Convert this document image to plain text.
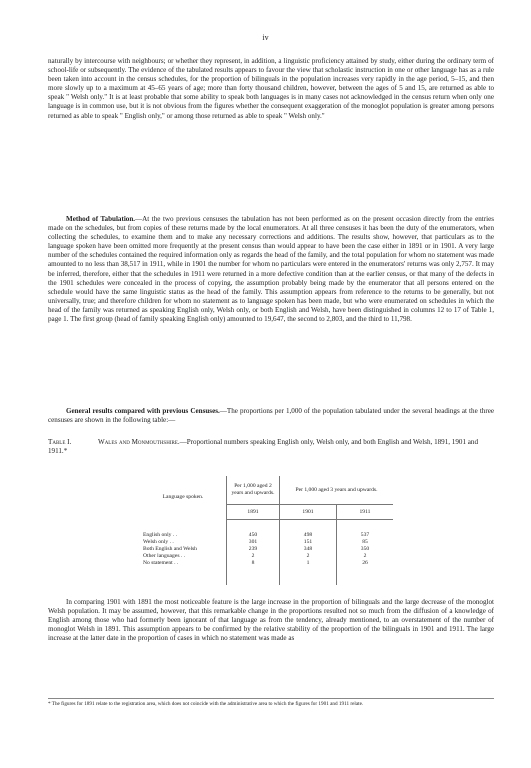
iv
naturally by intercourse with neighbours; or whether they represent, in addition, a linguistic proficiency attained by study, either during the ordinary term of school-life or subsequently. The evidence of the tabulated results appears to favour the view that scholastic instruction in one or other language has as a rule been taken into account in the census schedules, for the proportion of bilinguals in the population increases very rapidly in the age period, 5–15, and then more slowly up to a maximum at 45–65 years of age; more than forty thousand children, however, between the ages of 5 and 15, are returned as able to speak " Welsh only." It is at least probable that some ability to speak both languages is in many cases not acknowledged in the census return when only one language is in common use, but it is not obvious from the figures whether the consequent exaggeration of the monoglot population is greater among persons returned as able to speak " English only," or among those returned as able to speak " Welsh only."
Method of Tabulation.—At the two previous censuses the tabulation has not been performed as on the present occasion directly from the entries made on the schedules, but from copies of these returns made by the local enumerators. At all three censuses it has been the duty of the enumerators, when collecting the schedules, to examine them and to make any necessary corrections and additions. The results show, however, that particulars as to the language spoken have been omitted more frequently at the present census than would appear to have been the case either in 1891 or in 1901. A very large number of the schedules contained the required information only as regards the head of the family, and the total population for whom no statement was made amounted to no less than 38,517 in 1911, while in 1901 the number for whom no particulars were entered in the enumerators' returns was only 2,757. It may be inferred, therefore, either that the schedules in 1911 were returned in a more defective condition than at the earlier census, or that many of the defects in the 1901 schedules were concealed in the process of copying, the assumption probably being made by the enumerator that all persons entered on the schedule would have the same linguistic status as the head of the family. This assumption appears from reference to the returns to be generally, but not universally, true; and therefore children for whom no statement as to language spoken has been made, but who were enumerated on schedules in which the head of the family was returned as speaking English only, Welsh only, or both English and Welsh, have been distinguished in columns 12 to 17 of Table 1, page 1. The first group (head of family speaking English only) amounted to 19,647, the second to 2,803, and the third to 11,798.
General results compared with previous Censuses.—The proportions per 1,000 of the population tabulated under the several headings at the three censuses are shown in the following table:—
Table I.	Wales and Monmouthshire.—Proportional numbers speaking English only, Welsh only, and both English and Welsh, 1891, 1901 and 1911.*
Language spoken.	Per 1,000 aged 2 years and upwards.	Per 1,000 aged 3 years and upwards.	
	1891	1901	1911

English only . .	450	498	537
Welsh only . .	301	151	85
Both English and Welsh	239	348	350
Other languages . .	2	2	2
No statement . .	8	1	26

In comparing 1901 with 1891 the most noticeable feature is the large increase in the proportion of bilinguals and the large decrease of the monoglot Welsh population. It may be assumed, however, that this remarkable change in the proportions resulted not so much from the diffusion of a knowledge of English among those who had formerly been ignorant of that language as from the tendency, already mentioned, to an overstatement of the number of monoglot Welsh in 1891. This assumption appears to be confirmed by the relative stability of the proportion of the bilinguals in 1901 and 1911. The large increase at the latter date in the proportion of cases in which no statement was made as
* The figures for 1891 relate to the registration area, which does not coincide with the administrative area to which the figures for 1901 and 1911 relate.
